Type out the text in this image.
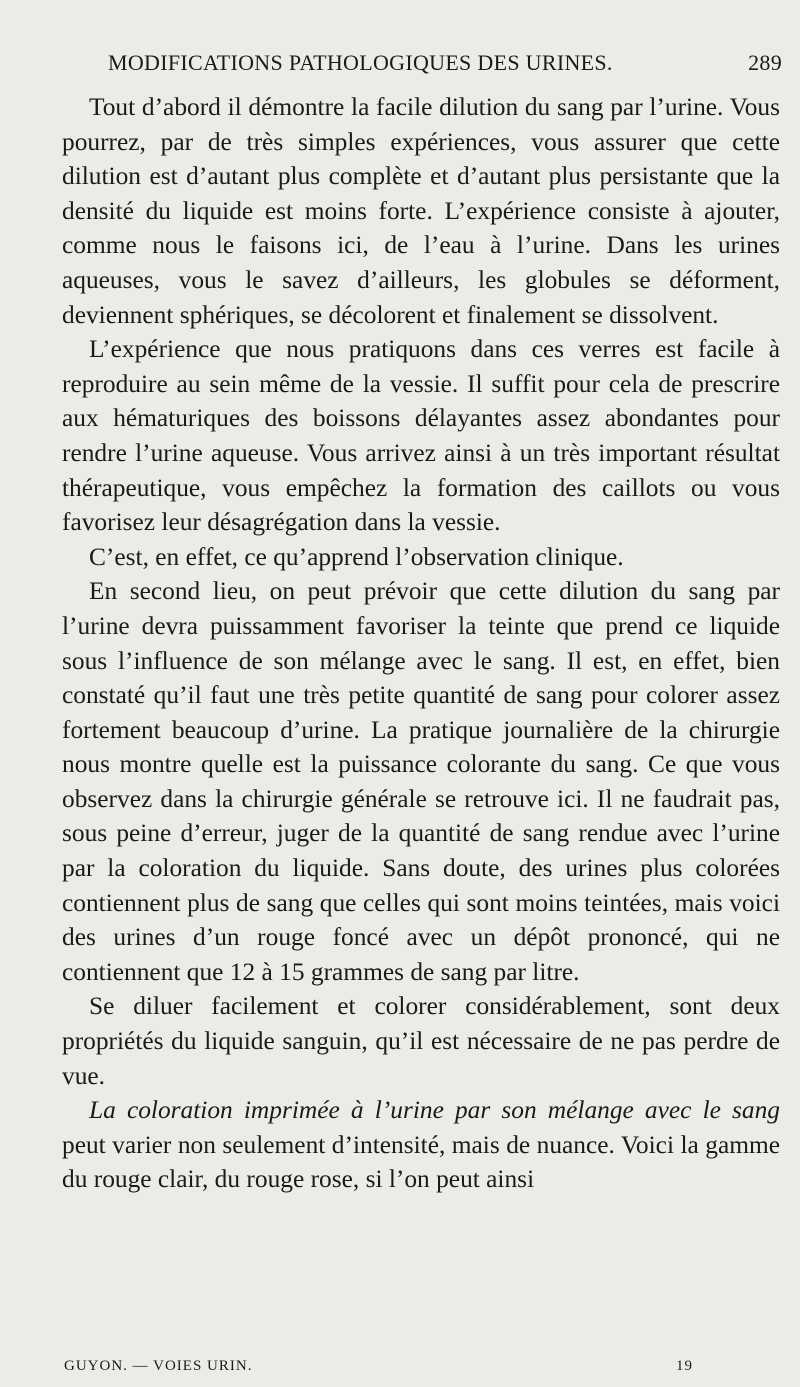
MODIFICATIONS PATHOLOGIQUES DES URINES.	289

Tout d’abord il démontre la facile dilution du sang par l’urine. Vous pourrez, par de très simples expériences, vous assurer que cette dilution est d’autant plus complète et d’autant plus persistante que la densité du liquide est moins forte. L’expérience consiste à ajouter, comme nous le faisons ici, de l’eau à l’urine. Dans les urines aqueuses, vous le savez d’ailleurs, les globules se déforment, deviennent sphériques, se décolorent et finalement se dissolvent.

L’expérience que nous pratiquons dans ces verres est facile à reproduire au sein même de la vessie. Il suffit pour cela de prescrire aux hématuriques des boissons délayantes assez abondantes pour rendre l’urine aqueuse. Vous arrivez ainsi à un très important résultat thérapeutique, vous empêchez la formation des caillots ou vous favorisez leur désagrégation dans la vessie.

C’est, en effet, ce qu’apprend l’observation clinique.

En second lieu, on peut prévoir que cette dilution du sang par l’urine devra puissamment favoriser la teinte que prend ce liquide sous l’influence de son mélange avec le sang. Il est, en effet, bien constaté qu’il faut une très petite quantité de sang pour colorer assez fortement beaucoup d’urine. La pratique journalière de la chirurgie nous montre quelle est la puissance colorante du sang. Ce que vous observez dans la chirurgie générale se retrouve ici. Il ne faudrait pas, sous peine d’erreur, juger de la quantité de sang rendue avec l’urine par la coloration du liquide. Sans doute, des urines plus colorées contiennent plus de sang que celles qui sont moins teintées, mais voici des urines d’un rouge foncé avec un dépôt prononcé, qui ne contiennent que 12 à 15 grammes de sang par litre.

Se diluer facilement et colorer considérablement, sont deux propriétés du liquide sanguin, qu’il est nécessaire de ne pas perdre de vue.

La coloration imprimée à l’urine par son mélange avec le sang peut varier non seulement d’intensité, mais de nuance. Voici la gamme du rouge clair, du rouge rose, si l’on peut ainsi

GUYON. — VOIES URIN.	19
